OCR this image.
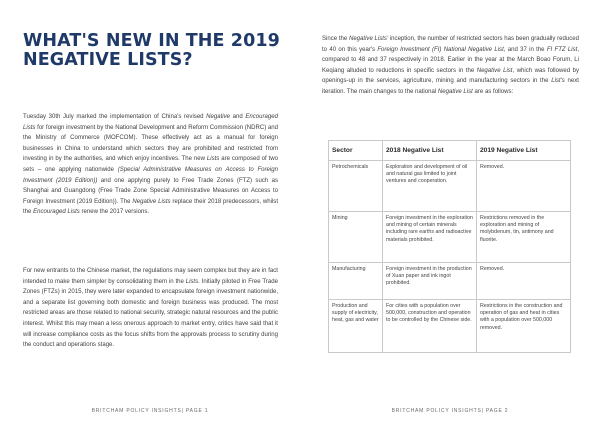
WHAT'S NEW IN THE 2019 NEGATIVE LISTS?

Tuesday 30th July marked the implementation of China's revised Negative and Encouraged Lists for foreign investment by the National Development and Reform Commission (NDRC) and the Ministry of Commerce (MOFCOM). These effectively act as a manual for foreign businesses in China to understand which sectors they are prohibited and restricted from investing in by the authorities, and which enjoy incentives. The new Lists are composed of two sets – one applying nationwide (Special Administrative Measures on Access to Foreign Investment (2019 Edition)) and one applying purely to Free Trade Zones (FTZ) such as Shanghai and Guangdong (Free Trade Zone Special Administrative Measures on Access to Foreign Investment (2019 Edition)). The Negative Lists replace their 2018 predecessors, whilst the Encouraged Lists renew the 2017 versions.

For new entrants to the Chinese market, the regulations may seem complex but they are in fact intended to make them simpler by consolidating them in the Lists. Initially piloted in Free Trade Zones (FTZs) in 2015, they were later expanded to encapsulate foreign investment nationwide, and a separate list governing both domestic and foreign business was produced. The most restricted areas are those related to national security, strategic natural resources and the public interest. Whilst this may mean a less onerous approach to market entry, critics have said that it will increase compliance costs as the focus shifts from the approvals process to scrutiny during the conduct and operations stage.

BRITCHAM POLICY INSIGHTS| PAGE 1

Since the Negative Lists' inception, the number of restricted sectors has been gradually reduced to 40 on this year's Foreign Investment (FI) National Negative List, and 37 in the FI FTZ List, compared to 48 and 37 respectively in 2018. Earlier in the year at the March Boao Forum, Li Keqiang alluded to reductions in specific sectors in the Negative List, which was followed by openings-up in the services, agriculture, mining and manufacturing sectors in the List's next iteration. The main changes to the national Negative List are as follows:

Sector	2018 Negative List	2019 Negative List
Petrochemicals	Exploration and development of oil and natural gas limited to joint ventures and cooperation.	Removed.
Mining	Foreign investment in the exploration and mining of certain minerals including rare earths and radioactive materials prohibited.	Restrictions removed in the exploration and mining of molybdenum, tin, antimony and fluorite.
Manufacturing	Foreign investment in the production of Xuan paper and ink ingot prohibited.	Removed.
Production and supply of electricity, heat, gas and water	For cities with a population over 500,000, construction and operation to be controlled by the Chinese side.	Restrictions in the construction and operation of gas and heat in cities with a population over 500,000 removed.
BRITCHAM POLICY INSIGHTS| PAGE 2
